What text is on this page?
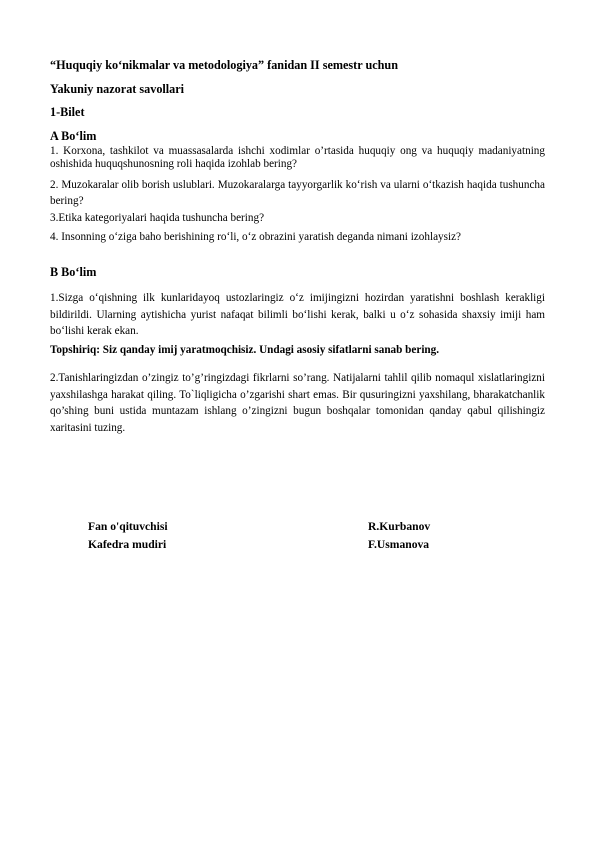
“Huquqiy ko‘nikmalar va metodologiya” fanidan II semestr uchun
Yakuniy nazorat savollari
1-Bilet
A Bo‘lim
1. Korxona, tashkilot va muassasalarda ishchi xodimlar o’rtasida huquqiy ong va huquqiy madaniyatning oshishida huquqshunosning roli haqida izohlab bering?
2. Muzokaralar olib borish uslublari. Muzokaralarga tayyorgarlik ko‘rish va ularni o‘tkazish haqida tushuncha bering?
3.Etika kategoriyalari haqida tushuncha bering?
4. Insonning o‘ziga baho berishining ro‘li, o‘z obrazini yaratish deganda nimani izohlaysiz?
B Bo‘lim
1.Sizga o‘qishning ilk kunlaridayoq ustozlaringiz o‘z imijingizni hozirdan yaratishni boshlash kerakligi bildirildi. Ularning aytishicha yurist nafaqat bilimli bo‘lishi kerak, balki u o‘z sohasida shaxsiy imiji ham bo‘lishi kerak ekan.
Topshiriq: Siz qanday imij yaratmoqchisiz. Undagi asosiy sifatlarni sanab bering.
2.Tanishlaringizdan o’zingiz to’g’ringizdagi fikrlarni so’rang. Natijalarni tahlil qilib nomaqul xislatlaringizni yaxshilashga harakat qiling. To`liqligicha o’zgarishi shart emas. Bir qusuringizni yaxshilang, bharakatchanlik qo’shing buni ustida muntazam ishlang o’zingizni bugun boshqalar tomonidan qanday qabul qilishingiz xaritasini tuzing.
Fan o'qituvchisi	R.Kurbanov
Kafedra mudiri	F.Usmanova
